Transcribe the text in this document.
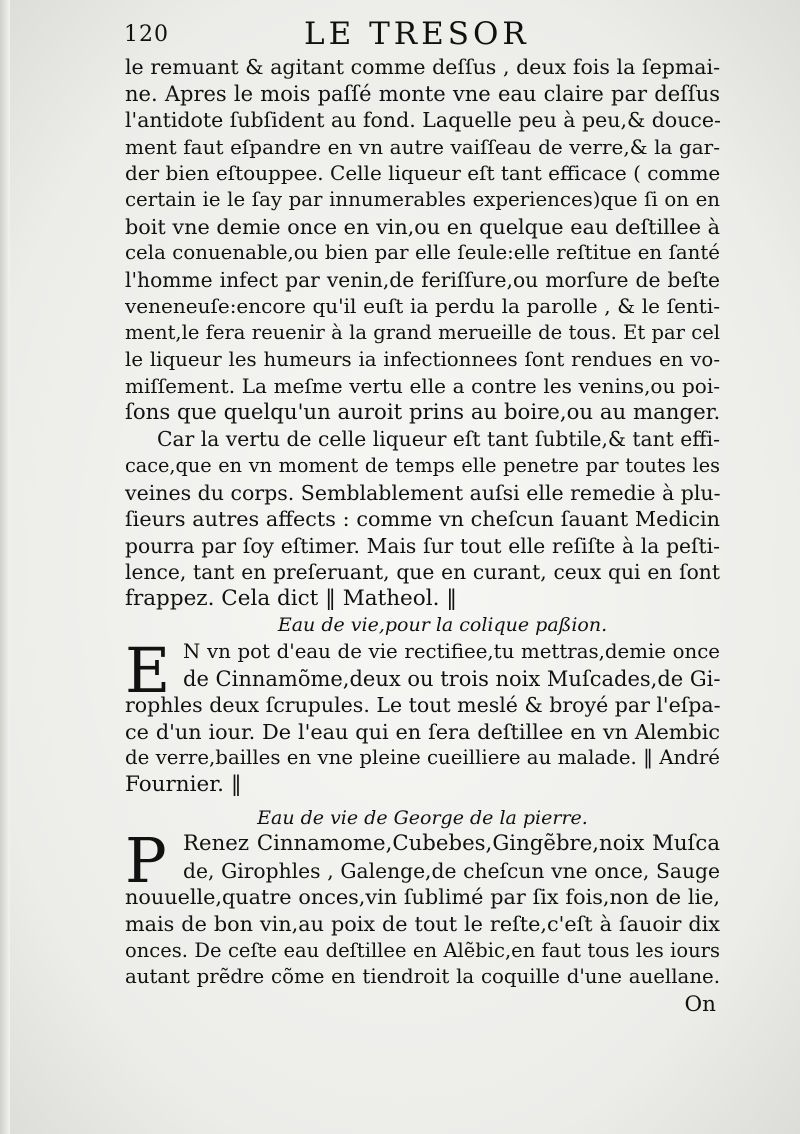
120	LE TRESOR
le remuant & agitant comme deſſus , deux fois la ſepmai-
ne. Apres le mois paſſé monte vne eau claire par deſſus
l'antidote ſubſident au fond. Laquelle peu à peu,& douce-
ment faut eſpandre en vn autre vaiſſeau de verre,& la gar-
der bien eſtouppee. Celle liqueur eſt tant efficace ( comme
certain ie le ſay par innumerables experiences)que ſi on en
boit vne demie once en vin,ou en quelque eau deſtillee à
cela conuenable,ou bien par elle ſeule:elle reſtitue en ſanté
l'homme infect par venin,de feriſſure,ou morſure de beſte
veneneuſe:encore qu'il euſt ia perdu la parolle , & le ſenti-
ment,le fera reuenir à la grand merueille de tous. Et par cel
le liqueur les humeurs ia infectionnees ſont rendues en vo-
miſſement. La meſme vertu elle a contre les venins,ou poi-
ſons que quelqu'un auroit prins au boire,ou au manger.
Car la vertu de celle liqueur eſt tant ſubtile,& tant effi-
cace,que en vn moment de temps elle penetre par toutes les
veines du corps. Semblablement auſsi elle remedie à plu-
ſieurs autres affects : comme vn cheſcun ſauant Medicin
pourra par ſoy eſtimer. Mais ſur tout elle reſiſte à la peſti-
lence, tant en preſeruant, que en curant, ceux qui en ſont
frappez. Cela dict ‖ Matheol. ‖
Eau de vie,pour la colique paßion.
E N vn pot d'eau de vie rectifiee,tu mettras,demie once
de Cinnamõme,deux ou trois noix Muſcades,de Gi-
rophles deux ſcrupules. Le tout meslé & broyé par l'eſpa-
ce d'un iour. De l'eau qui en ſera deſtillee en vn Alembic
de verre,bailles en vne pleine cueilliere au malade. ‖ André
Fournier. ‖
Eau de vie de George de la pierre.
P Renez Cinnamome,Cubebes,Gingẽbre,noix Muſca
de, Girophles , Galenge,de cheſcun vne once, Sauge
nouuelle,quatre onces,vin ſublimé par ſix fois,non de lie,
mais de bon vin,au poix de tout le reſte,c'eſt à ſauoir dix
onces. De ceſte eau deſtillee en Alẽbic,en faut tous les iours
autant prẽdre cõme en tiendroit la coquille d'une auellane.
On
